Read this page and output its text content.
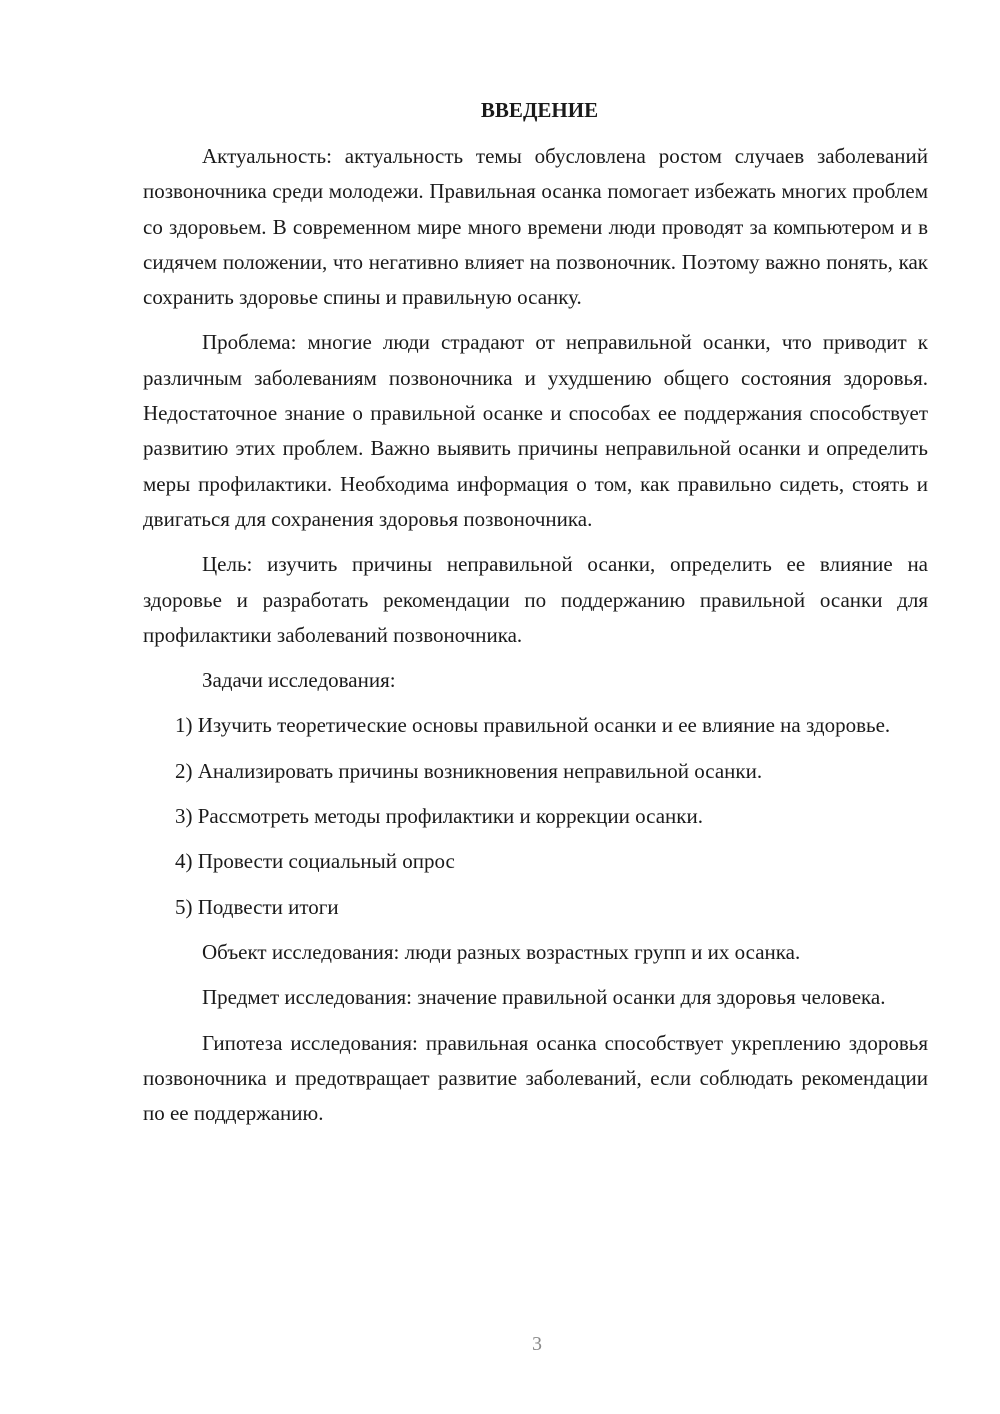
ВВЕДЕНИЕ

Актуальность: актуальность темы обусловлена ростом случаев заболеваний позвоночника среди молодежи. Правильная осанка помогает избежать многих проблем со здоровьем. В современном мире много времени люди проводят за компьютером и в сидячем положении, что негативно влияет на позвоночник. Поэтому важно понять, как сохранить здоровье спины и правильную осанку.

Проблема: многие люди страдают от неправильной осанки, что приводит к различным заболеваниям позвоночника и ухудшению общего состояния здоровья. Недостаточное знание о правильной осанке и способах ее поддержания способствует развитию этих проблем. Важно выявить причины неправильной осанки и определить меры профилактики. Необходима информация о том, как правильно сидеть, стоять и двигаться для сохранения здоровья позвоночника.

Цель: изучить причины неправильной осанки, определить ее влияние на здоровье и разработать рекомендации по поддержанию правильной осанки для профилактики заболеваний позвоночника.

Задачи исследования:

1) Изучить теоретические основы правильной осанки и ее влияние на здоровье.

2) Анализировать причины возникновения неправильной осанки.

3) Рассмотреть методы профилактики и коррекции осанки.

4) Провести социальный опрос

5) Подвести итоги

Объект исследования: люди разных возрастных групп и их осанка.

Предмет исследования: значение правильной осанки для здоровья человека.

Гипотеза исследования: правильная осанка способствует укреплению здоровья позвоночника и предотвращает развитие заболеваний, если соблюдать рекомендации по ее поддержанию.

3
